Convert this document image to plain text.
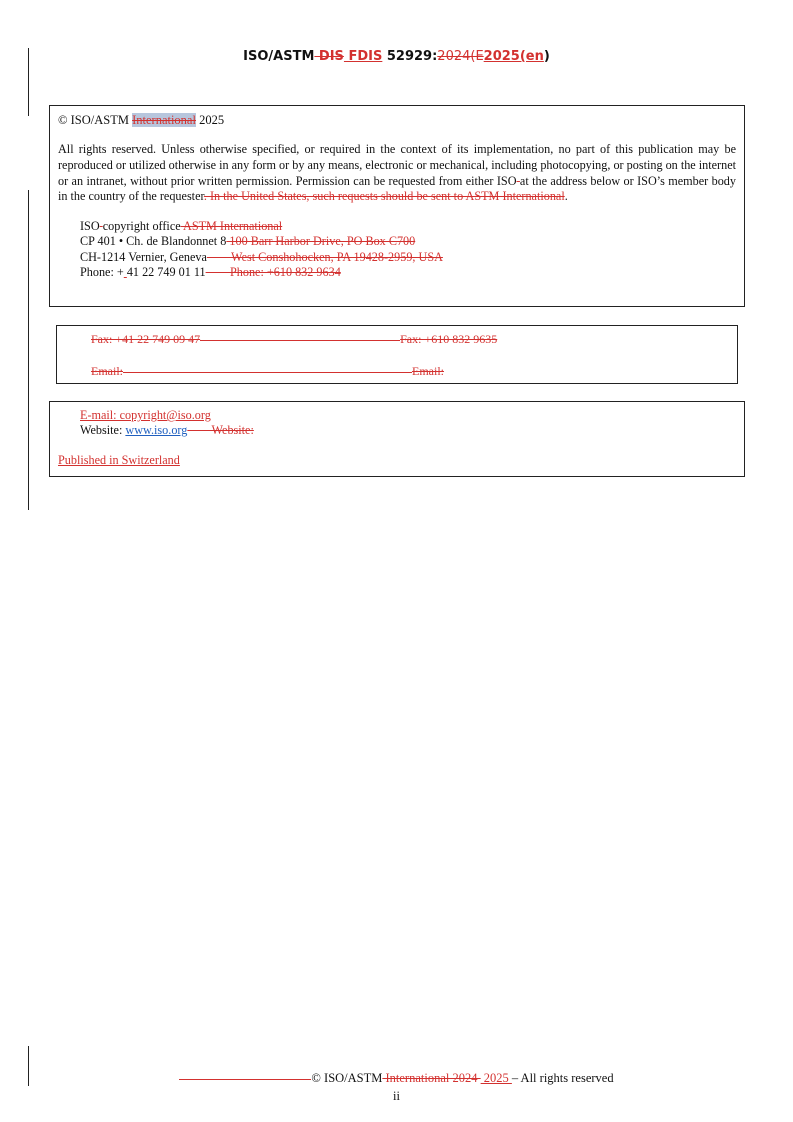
ISO/ASTM DIS FDIS 52929:2024(E2025(en)
© ISO/ASTM International 2025
All rights reserved. Unless otherwise specified, or required in the context of its implementation, no part of this publication may be reproduced or utilized otherwise in any form or by any means, electronic or mechanical, including photocopying, or posting on the internet or an intranet, without prior written permission. Permission can be requested from either ISO at the address below or ISO’s member body in the country of the requester. In the United States, such requests should be sent to ASTM International.
ISO copyright office ASTM International
CP 401 • Ch. de Blandonnet 8 100 Barr Harbor Drive, PO Box C700
CH-1214 Vernier, Geneva        West Conshohocken, PA 19428-2959, USA
Phone: + 41 22 749 01 11        Phone: +610 832 9634
Fax: +41 22 749 09 47	Fax: +610 832 9635
Email:	Email:
E-mail: copyright@iso.org
Website: www.iso.org        Website:
Published in Switzerland
© ISO/ASTM International 2024  2025 – All rights reserved
ii
